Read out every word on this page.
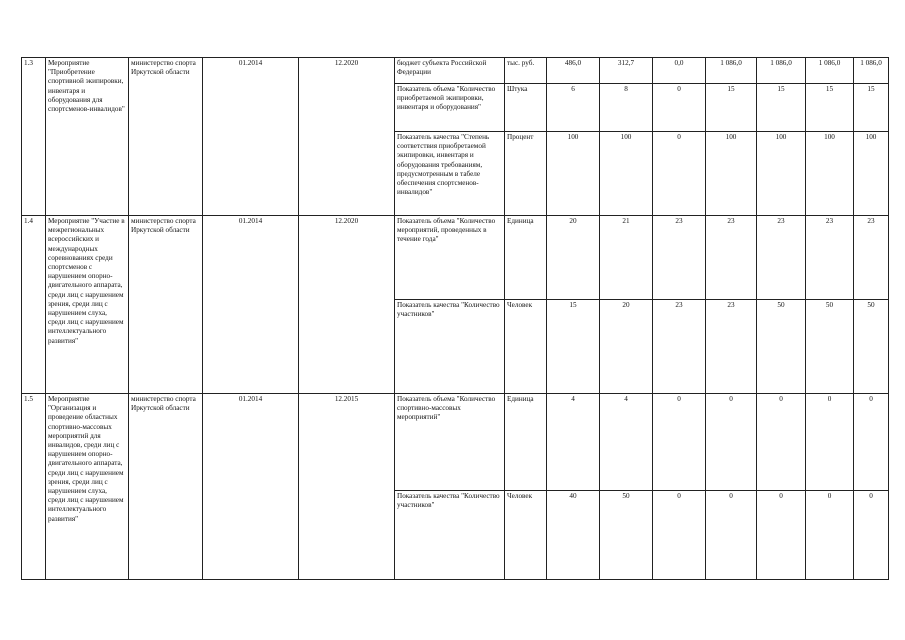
1.3	Мероприятие "Приобретение спортивной экипировки, инвентаря и оборудования для спортсменов-инвалидов"	министерство спорта Иркутской области	01.2014	12.2020	бюджет субъекта Российской Федерации	тыс. руб.	486,0	312,7	0,0	1 086,0	1 086,0	1 086,0	1 086,0
					Показатель объема "Количество приобретаемой экипировки, инвентаря и оборудования"	Штука	6	8	0	15	15	15	15
					Показатель качества "Степень соответствия приобретаемой экипировки, инвентаря и оборудования требованиям, предусмотренным в табеле обеспечения спортсменов-инвалидов"	Процент	100	100	0	100	100	100	100
1.4	Мероприятие "Участие в межрегиональных всероссийских и международных соревнованиях среди спортсменов с нарушением опорно-двигательного аппарата, среди лиц с нарушением зрения, среди лиц с нарушением слуха, среди лиц с нарушением интеллектуального развития"	министерство спорта Иркутской области	01.2014	12.2020	Показатель объема "Количество мероприятий, проведенных в течение года"	Единица	20	21	23	23	23	23	23
					Показатель качества "Количество участников"	Человек	15	20	23	23	50	50	50
1.5	Мероприятие "Организация и проведение областных спортивно-массовых мероприятий для инвалидов, среди лиц с нарушением опорно-двигательного аппарата, среди лиц с нарушением зрения, среди лиц с нарушением слуха, среди лиц с нарушением интеллектуального развития"	министерство спорта Иркутской области	01.2014	12.2015	Показатель объема "Количество спортивно-массовых мероприятий"	Единица	4	4	0	0	0	0	0
					Показатель качества "Количество участников"	Человек	40	50	0	0	0	0	0
